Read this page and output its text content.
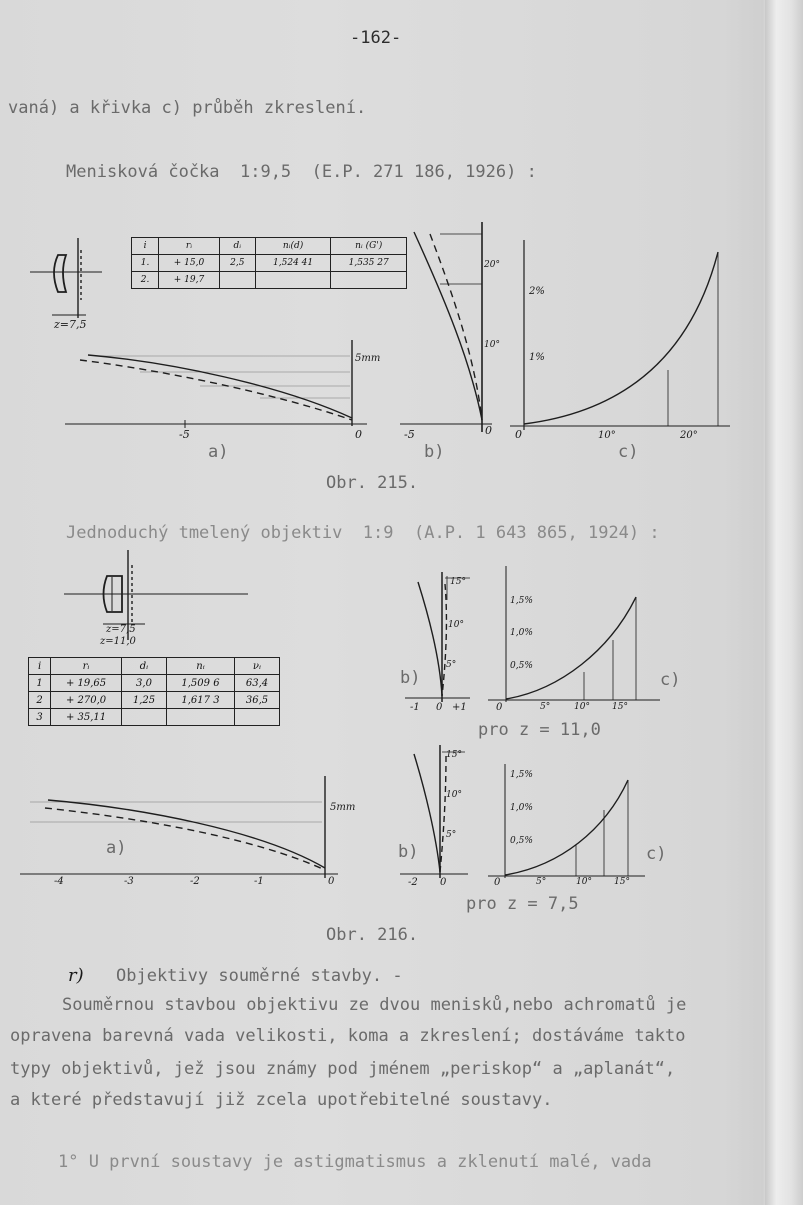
-162-
vaná) a křivka c) průběh zkreslení.
Menisková čočka  1:9,5  (E.P. 271 186, 1926) :
i	rᵢ	dᵢ	nᵢ(d)	nᵢ (G')
1.	+ 15,0	2,5	1,524 41	1,535 27
2.	+ 19,7			
z=7,5
5mm
-5	0
a)
20°
10°
-5	0
b)
2%
1%
0	10°	20°
c)
Obr. 215.
Jednoduchý tmelený objektiv  1:9  (A.P. 1 643 865, 1924) :
z=7,5
z=11,0
i	rᵢ	dᵢ	nᵢ	νᵢ
1	+ 19,65	3,0	1,509 6	63,4
2	+ 270,0	1,25	1,617 3	36,5
3	+ 35,11			
15°
10°
5°
b)
-1 0 +1
1,5%
1,0%
0,5%
0	5°	10° 15°
c)
pro z = 11,0
5mm
a)
-4	-3	-2	-1	0
15°
10°
5°
b)
-2 0
1,5%
1,0%
0,5%
0	5°	10° 15°
c)
pro z = 7,5
Obr. 216.
r) Objektivy souměrné stavby. -
Souměrnou stavbou objektivu ze dvou menisků,nebo achromatů je
opravena barevná vada velikosti, koma a zkreslení; dostáváme takto
typy objektivů, jež jsou známy pod jménem „periskop“ a „aplanát“,
a které představují již zcela upotřebitelné soustavy.
1° U první soustavy je astigmatismus a zklenutí malé, vada
